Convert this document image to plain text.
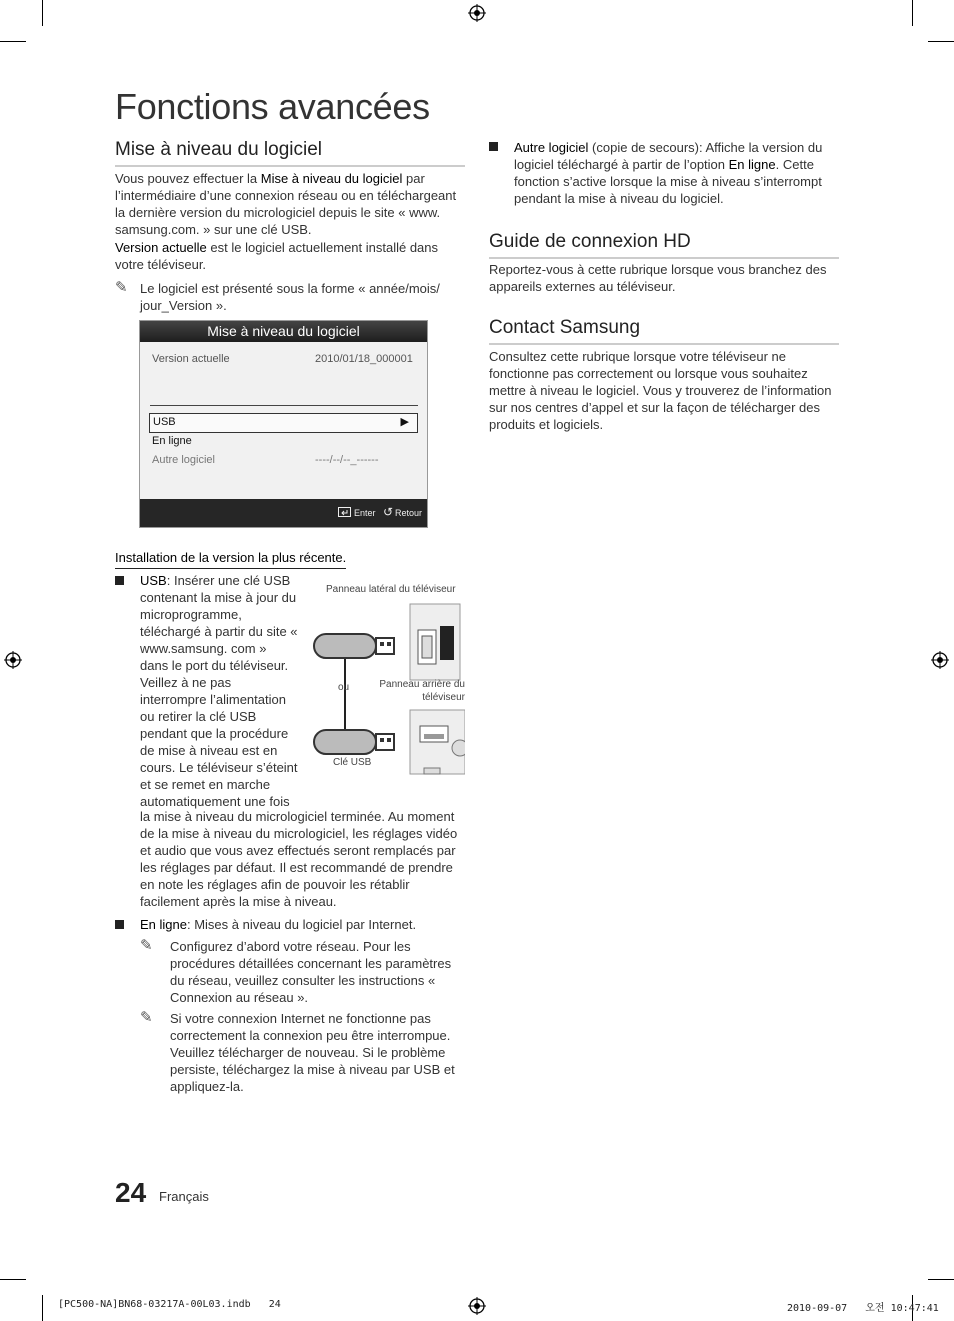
Fonctions avancées
Mise à niveau du logiciel
Vous pouvez effectuer la Mise à niveau du logiciel par l’intermédiaire d’une connexion réseau ou en téléchargeant la dernière version du micrologiciel depuis le site « www. samsung.com. » sur une clé USB.
Version actuelle est le logiciel actuellement installé dans votre téléviseur.
✎ Le logiciel est présenté sous la forme « année/mois/ jour_Version ».
Mise à niveau du logiciel
Version actuelle	2010/01/18_000001
USB	▶
En ligne
Autre logiciel	----/--/--_------
Enter ↺ Retour
Installation de la version la plus récente.
USB: Insérer une clé USB contenant la mise à jour du microprogramme, téléchargé à partir du site « www.samsung. com » dans le port du téléviseur. Veillez à ne pas interrompre l’alimentation ou retirer la clé USB pendant que la procédure de mise à niveau est en cours. Le téléviseur s’éteint et se remet en marche automatiquement une fois
la mise à niveau du micrologiciel terminée. Au moment de la mise à niveau du micrologiciel, les réglages vidéo et audio que vous avez effectués seront remplacés par les réglages par défaut. Il est recommandé de prendre en note les réglages afin de pouvoir les rétablir facilement après la mise à niveau.
Panneau latéral du téléviseur
ou	Panneau arrière du téléviseur
Clé USB
En ligne: Mises à niveau du logiciel par Internet.
✎ Configurez d’abord votre réseau. Pour les procédures détaillées concernant les paramètres du réseau, veuillez consulter les instructions « Connexion au réseau ».
✎ Si votre connexion Internet ne fonctionne pas correctement la connexion peu être interrompue. Veuillez télécharger de nouveau. Si le problème persiste, téléchargez la mise à niveau par USB et appliquez-la.
Autre logiciel (copie de secours): Affiche la version du logiciel téléchargé à partir de l’option En ligne. Cette fonction s’active lorsque la mise à niveau s’interrompt pendant la mise à niveau du logiciel.
Guide de connexion HD
Reportez-vous à cette rubrique lorsque vous branchez des appareils externes au téléviseur.
Contact Samsung
Consultez cette rubrique lorsque votre téléviseur ne fonctionne pas correctement ou lorsque vous souhaitez mettre à niveau le logiciel. Vous y trouverez de l’information sur nos centres d’appel et sur la façon de télécharger des produits et logiciels.
24 Français
[PC500-NA]BN68-03217A-00L03.indb   24	2010-09-07   오전 10:47:41
